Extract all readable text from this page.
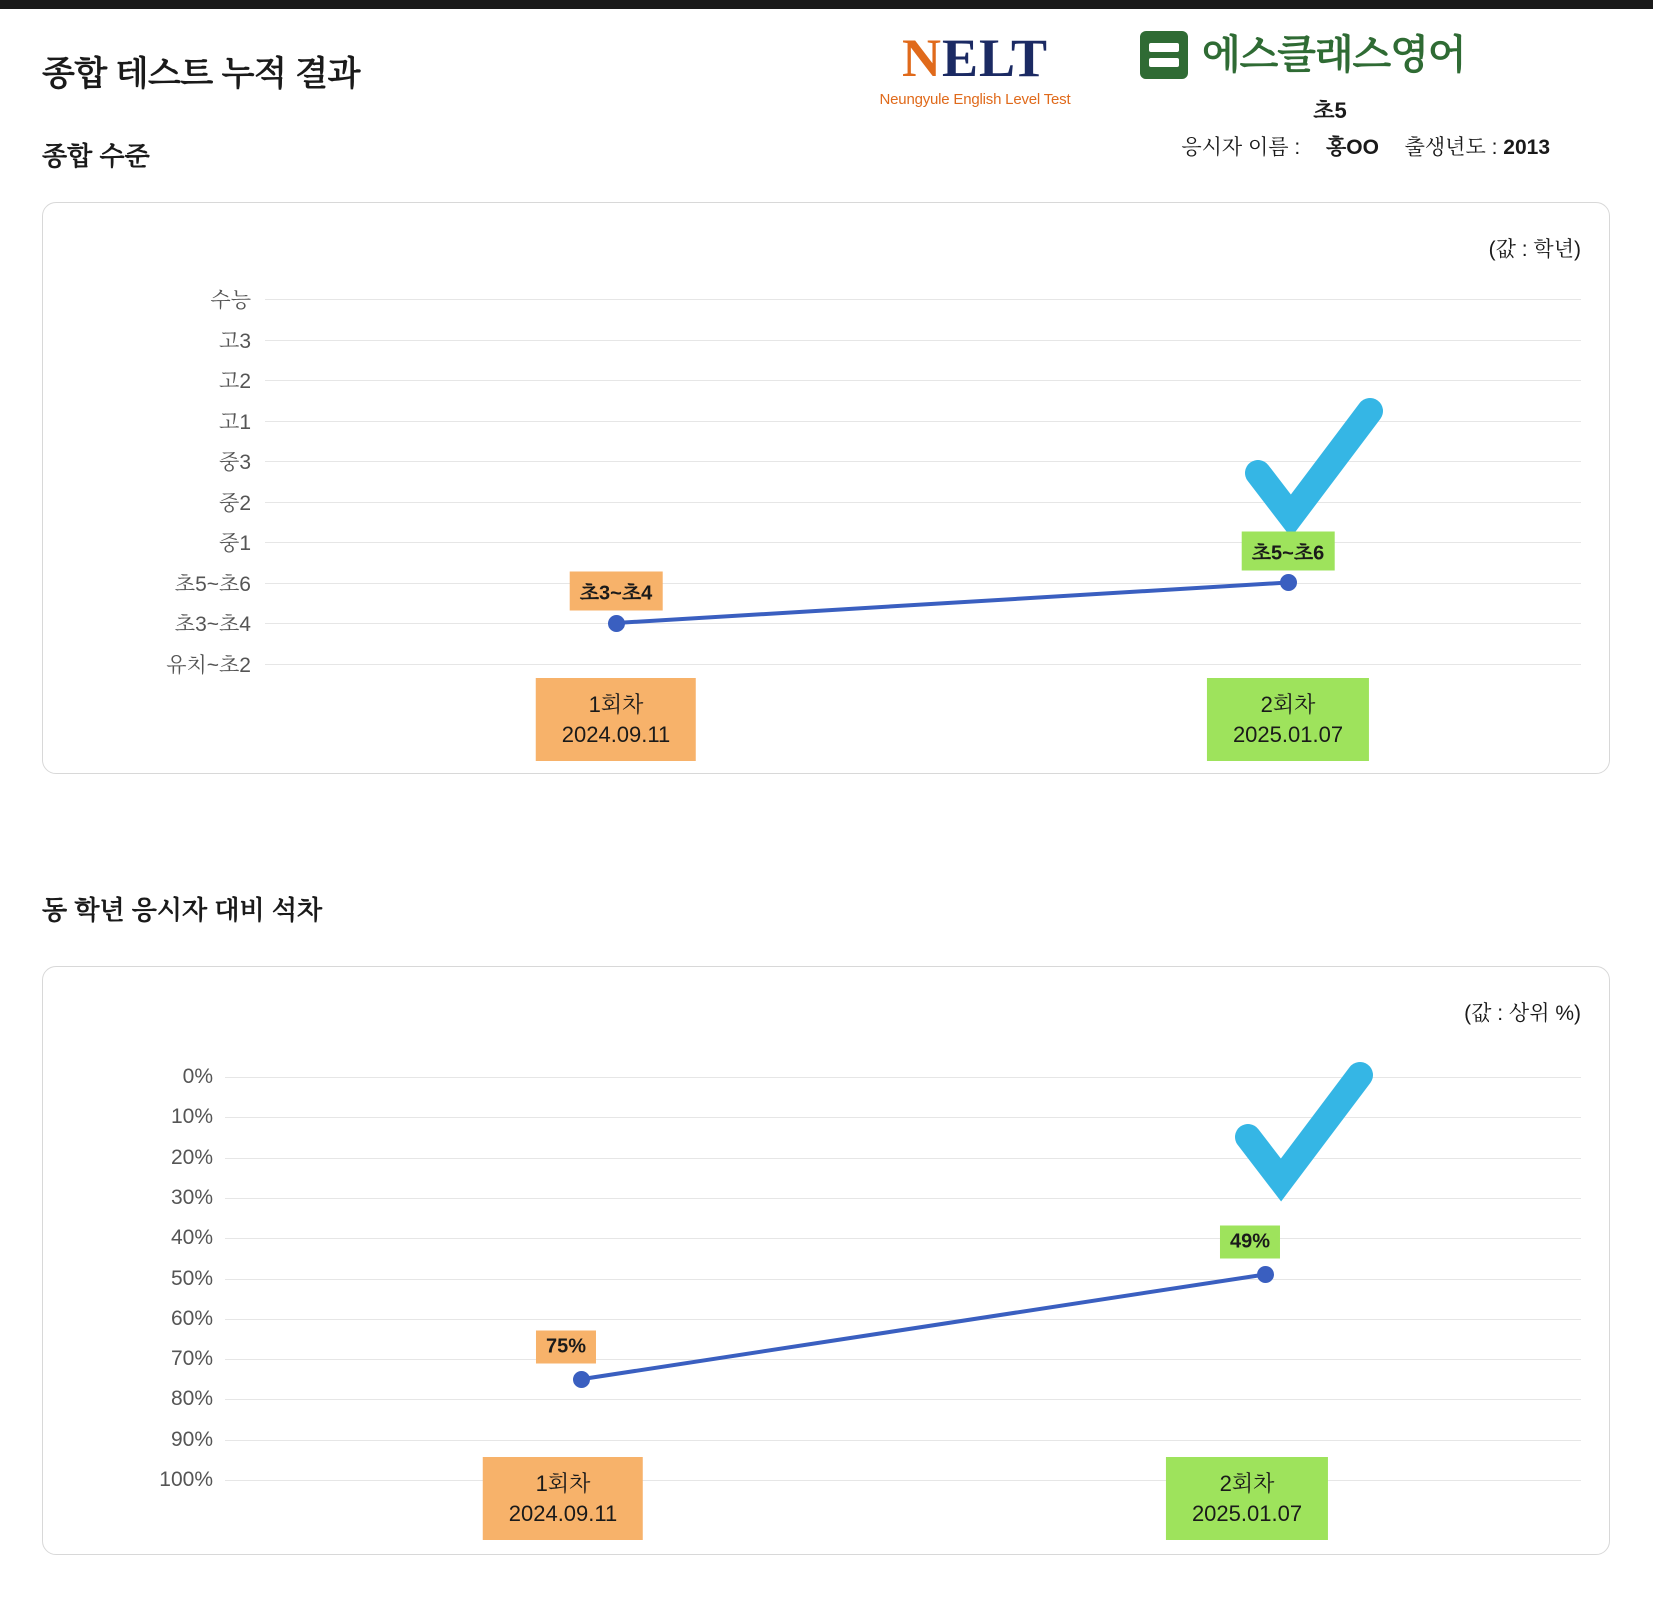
종합 테스트 누적 결과
종합 수준
NELT
Neungyule English Level Test
에스클래스영어
초5
응시자 이름 : 홍OO 출생년도 : 2013
(값 : 학년)
수능
고3
고2
고1
중3
중2
중1
초5~초6
초3~초4
유치~초2
초3~초4
초5~초6
1회차
2024.09.11
2회차
2025.01.07
동 학년 응시자 대비 석차
(값 : 상위 %)
0%
10%
20%
30%
40%
50%
60%
70%
80%
90%
100%
75%
49%
1회차
2024.09.11
2회차
2025.01.07
